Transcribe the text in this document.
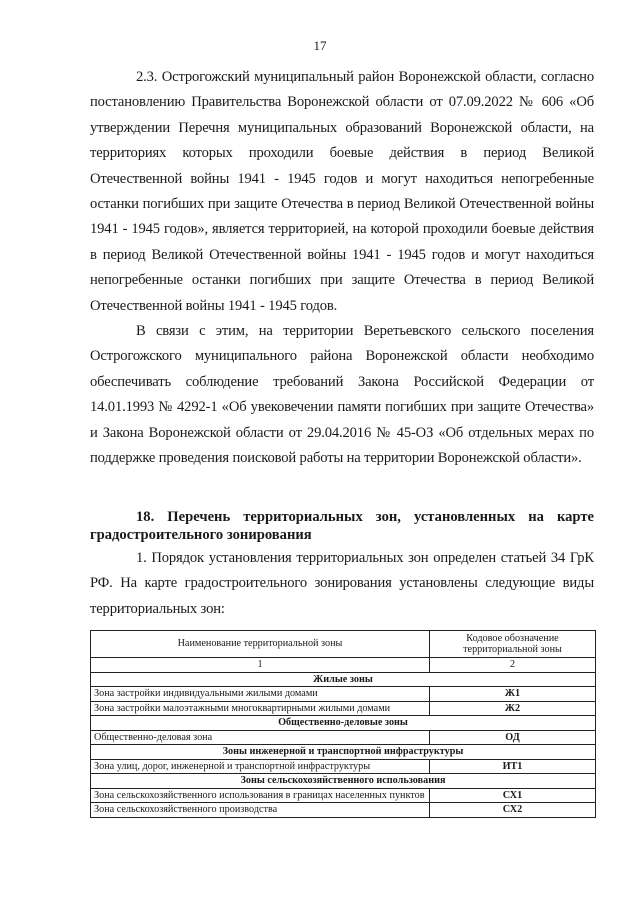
17

2.3. Острогожский муниципальный район Воронежской области, согласно постановлению Правительства Воронежской области от 07.09.2022 № 606 «Об утверждении Перечня муниципальных образований Воронежской области, на территориях которых проходили боевые действия в период Великой Отечественной войны 1941 - 1945 годов и могут находиться непогребенные останки погибших при защите Отечества в период Великой Отечественной войны 1941 - 1945 годов», является территорией, на которой проходили боевые действия в период Великой Отечественной войны 1941 - 1945 годов и могут находиться непогребенные останки погибших при защите Отечества в период Великой Отечественной войны 1941 - 1945 годов.

В связи с этим, на территории Веретьевского сельского поселения Острогожского муниципального района Воронежской области необходимо обеспечивать соблюдение требований Закона Российской Федерации от 14.01.1993 № 4292-1 «Об увековечении памяти погибших при защите Отечества» и Закона Воронежской области от 29.04.2016 № 45-ОЗ «Об отдельных мерах по поддержке проведения поисковой работы на территории Воронежской области».

18. Перечень территориальных зон, установленных на карте градостроительного зонирования

1. Порядок установления территориальных зон определен статьей 34 ГрК РФ. На карте градостроительного зонирования установлены следующие виды территориальных зон:

Наименование территориальной зоны	Кодовое обозначение территориальной зоны
1	2
Жилые зоны	
Зона застройки индивидуальными жилыми домами	Ж1
Зона застройки малоэтажными многоквартирными жилыми домами	Ж2
Общественно-деловые зоны	
Общественно-деловая зона	ОД
Зоны инженерной и транспортной инфраструктуры	
Зона улиц, дорог, инженерной и транспортной инфраструктуры	ИТ1
Зоны сельскохозяйственного использования	
Зона сельскохозяйственного использования в границах населенных пунктов	СХ1
Зона сельскохозяйственного производства	СХ2
